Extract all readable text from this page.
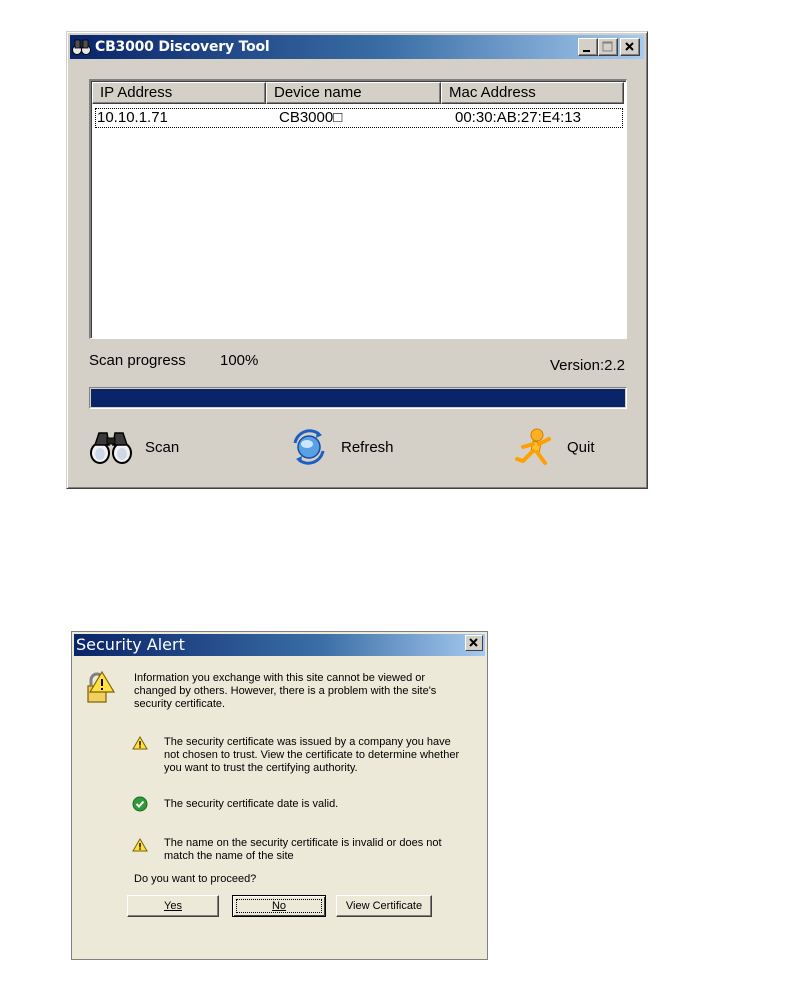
CB3000 Discovery Tool
IP Address	Device name	Mac Address
10.10.1.71	CB3000□	00:30:AB:27:E4:13
Scan progress 100%	Version:2.2
Scan	Refresh	Quit
Security Alert
Information you exchange with this site cannot be viewed or
changed by others. However, there is a problem with the site's
security certificate.
The security certificate was issued by a company you have
not chosen to trust. View the certificate to determine whether
you want to trust the certifying authority.
The security certificate date is valid.
The name on the security certificate is invalid or does not
match the name of the site
Do you want to proceed?
Yes	No	View Certificate
